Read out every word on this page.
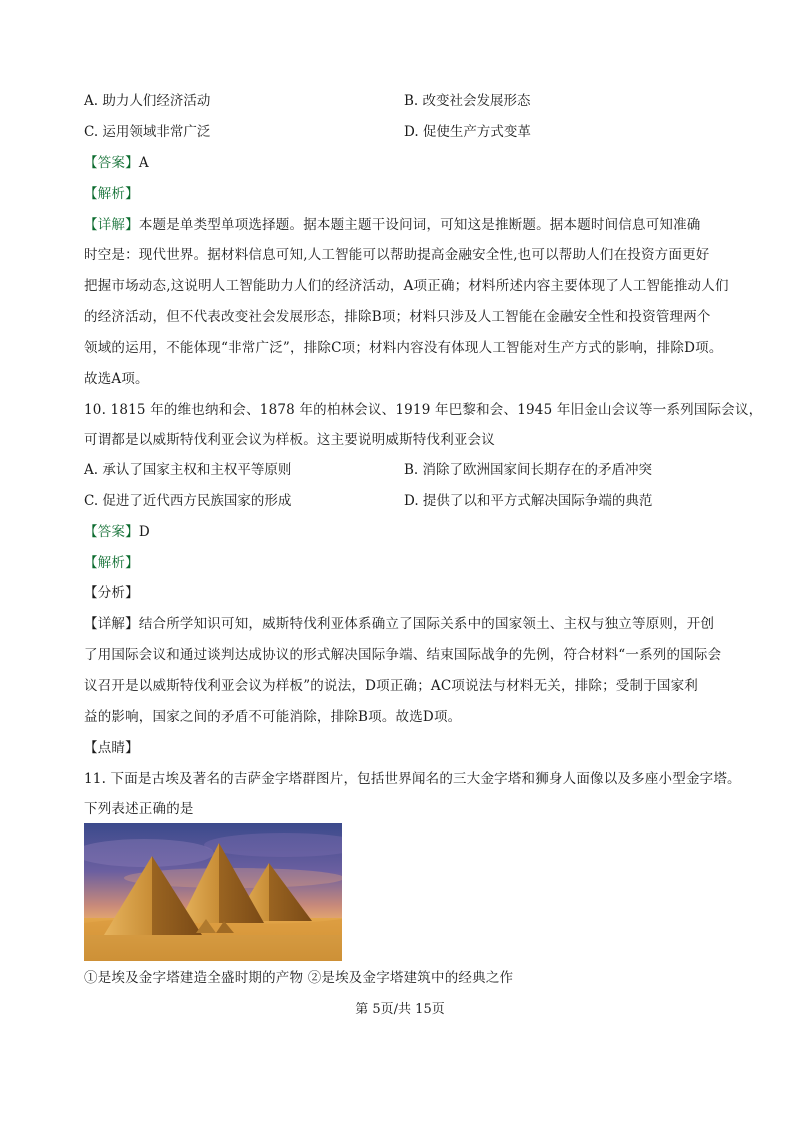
A. 助力人们经济活动	B. 改变社会发展形态
C. 运用领域非常广泛	D. 促使生产方式变革
【答案】A
【解析】
【详解】本题是单类型单项选择题。据本题主题干设问词，可知这是推断题。据本题时间信息可知准确
时空是：现代世界。据材料信息可知,人工智能可以帮助提高金融安全性,也可以帮助人们在投资方面更好
把握市场动态,这说明人工智能助力人们的经济活动，A项正确；材料所述内容主要体现了人工智能推动人们
的经济活动，但不代表改变社会发展形态，排除B项；材料只涉及人工智能在金融安全性和投资管理两个
领域的运用，不能体现“非常广泛”，排除C项；材料内容没有体现人工智能对生产方式的影响，排除D项。
故选A项。
10. 1815 年的维也纳和会、1878 年的柏林会议、1919 年巴黎和会、1945 年旧金山会议等一系列国际会议，
可谓都是以威斯特伐利亚会议为样板。这主要说明威斯特伐利亚会议
A. 承认了国家主权和主权平等原则	B. 消除了欧洲国家间长期存在的矛盾冲突
C. 促进了近代西方民族国家的形成	D. 提供了以和平方式解决国际争端的典范
【答案】D
【解析】
【分析】
【详解】结合所学知识可知，威斯特伐利亚体系确立了国际关系中的国家领土、主权与独立等原则，开创
了用国际会议和通过谈判达成协议的形式解决国际争端、结束国际战争的先例，符合材料“一系列的国际会
议召开是以威斯特伐利亚会议为样板”的说法，D项正确；AC项说法与材料无关，排除；受制于国家利
益的影响，国家之间的矛盾不可能消除，排除B项。故选D项。
【点睛】
11. 下面是古埃及著名的吉萨金字塔群图片，包括世界闻名的三大金字塔和狮身人面像以及多座小型金字塔。
下列表述正确的是
①是埃及金字塔建造全盛时期的产物 ②是埃及金字塔建筑中的经典之作
第 5页/共 15页
